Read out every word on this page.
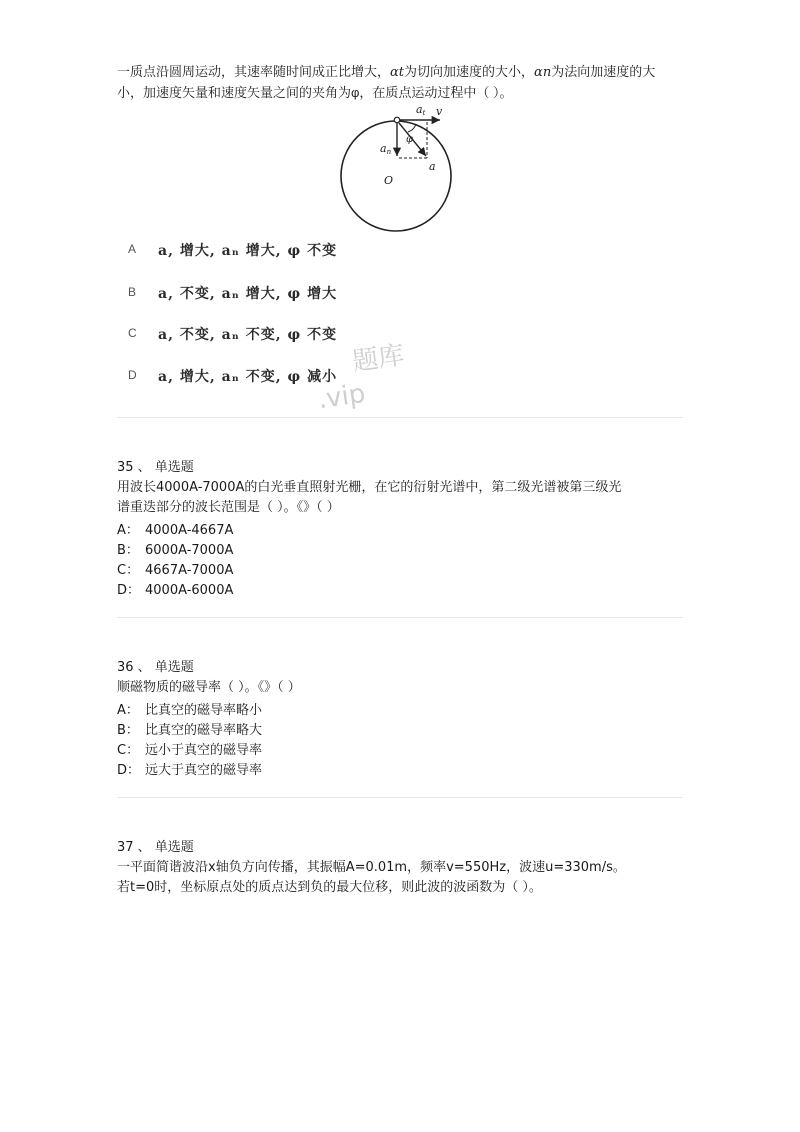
一质点沿圆周运动，其速率随时间成正比增大，αt为切向加速度的大小，αn为法向加速度的大
小，加速度矢量和速度矢量之间的夹角为φ，在质点运动过程中（ ）。
at v
φ
an
a
O
A a, 增大, aₙ 增大, φ 不变
B a, 不变, aₙ 增大, φ 增大
C a, 不变, aₙ 不变, φ 不变
D a, 增大, aₙ 不变, φ 减小 题库
.vip
35 、 单选题
用波长4000A-7000A的白光垂直照射光栅，在它的衍射光谱中，第二级光谱被第三级光
谱重迭部分的波长范围是（ ）。《》（ ）
A： 4000A-4667A
B： 6000A-7000A
C： 4667A-7000A
D： 4000A-6000A
36 、 单选题
顺磁物质的磁导率（ ）。《》（ ）
A： 比真空的磁导率略小
B： 比真空的磁导率略大
C： 远小于真空的磁导率
D： 远大于真空的磁导率
37 、 单选题
一平面简谐波沿x轴负方向传播，其振幅A=0.01m，频率v=550Hz，波速u=330m/s。
若t=0时，坐标原点处的质点达到负的最大位移，则此波的波函数为（ ）。
